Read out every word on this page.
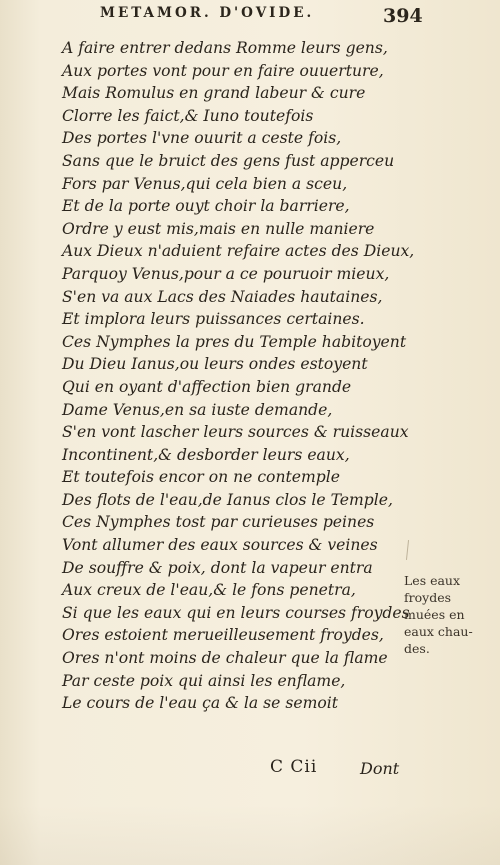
METAMOR. D'OVIDE.	394
A faire entrer dedans Romme leurs gens,
Aux portes vont pour en faire ouuerture,
Mais Romulus en grand labeur & cure
Clorre les faict,& Iuno toutefois
Des portes l'vne ouurit a ceste fois,
Sans que le bruict des gens fust apperceu
Fors par Venus,qui cela bien a sceu,
Et de la porte ouyt choir la barriere,
Ordre y eust mis,mais en nulle maniere
Aux Dieux n'aduient refaire actes des Dieux,
Parquoy Venus,pour a ce pouruoir mieux,
S'en va aux Lacs des Naiades hautaines,
Et implora leurs puissances certaines.
Ces Nymphes la pres du Temple habitoyent
Du Dieu Ianus,ou leurs ondes estoyent
Qui en oyant d'affection bien grande
Dame Venus,en sa iuste demande,
S'en vont lascher leurs sources & ruisseaux
Incontinent,& desborder leurs eaux,
Et toutefois encor on ne contemple
Des flots de l'eau,de Ianus clos le Temple,
Ces Nymphes tost par curieuses peines
Vont allumer des eaux sources & veines
De souffre & poix, dont la vapeur entra
Aux creux de l'eau,& le fons penetra,
Si que les eaux qui en leurs courses froydes
Ores estoient merueilleusement froydes,
Ores n'ont moins de chaleur que la flame
Par ceste poix qui ainsi les enflame,
Le cours de l'eau ça & la se semoit
Les eaux
froydes
muées en
eaux chau-
des.
C Cii	Dont
